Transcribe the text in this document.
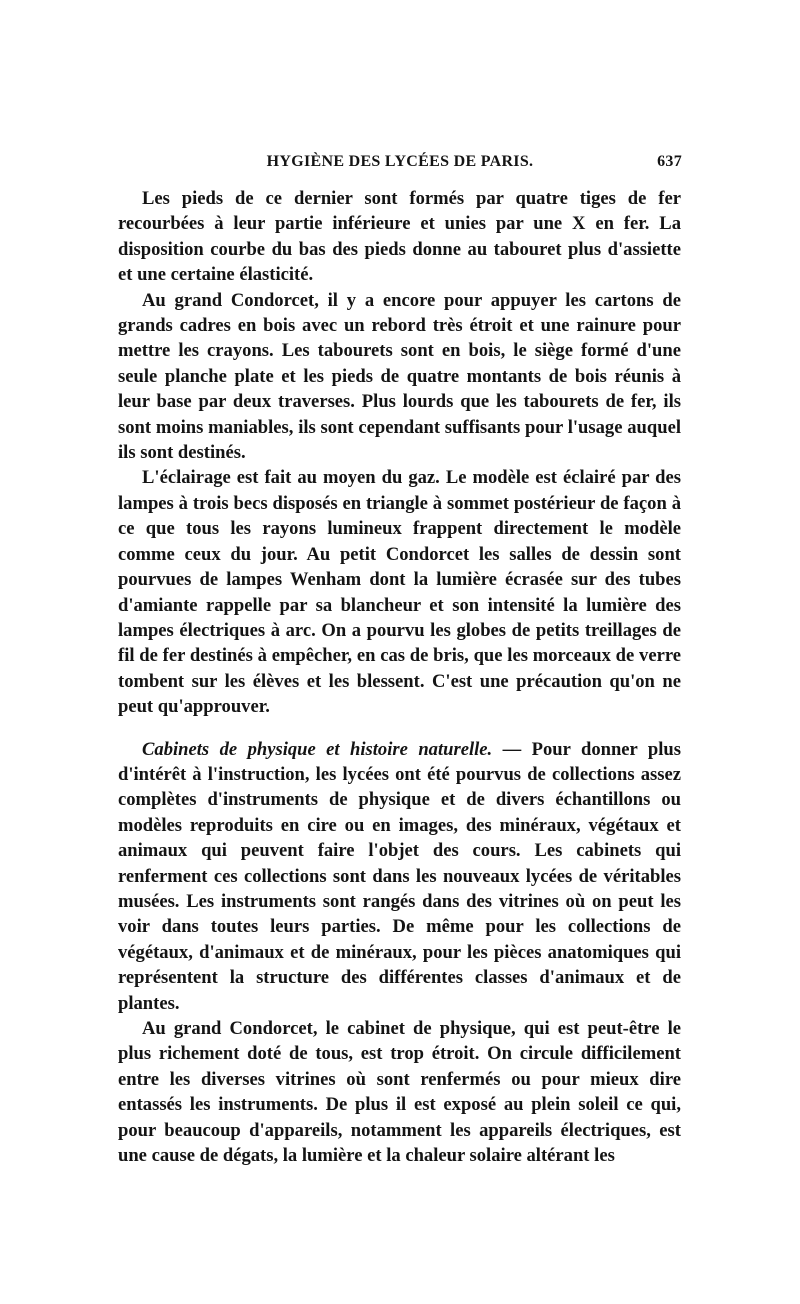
HYGIÈNE DES LYCÉES DE PARIS.	637

Les pieds de ce dernier sont formés par quatre tiges de fer recourbées à leur partie inférieure et unies par une X en fer. La disposition courbe du bas des pieds donne au tabouret plus d'assiette et une certaine élasticité.

Au grand Condorcet, il y a encore pour appuyer les cartons de grands cadres en bois avec un rebord très étroit et une rainure pour mettre les crayons. Les tabourets sont en bois, le siège formé d'une seule planche plate et les pieds de quatre montants de bois réunis à leur base par deux traverses. Plus lourds que les tabourets de fer, ils sont moins maniables, ils sont cependant suffisants pour l'usage auquel ils sont destinés.

L'éclairage est fait au moyen du gaz. Le modèle est éclairé par des lampes à trois becs disposés en triangle à sommet postérieur de façon à ce que tous les rayons lumineux frappent directement le modèle comme ceux du jour. Au petit Condorcet les salles de dessin sont pourvues de lampes Wenham dont la lumière écrasée sur des tubes d'amiante rappelle par sa blancheur et son intensité la lumière des lampes électriques à arc. On a pourvu les globes de petits treillages de fil de fer destinés à empêcher, en cas de bris, que les morceaux de verre tombent sur les élèves et les blessent. C'est une précaution qu'on ne peut qu'approuver.

Cabinets de physique et histoire naturelle. — Pour donner plus d'intérêt à l'instruction, les lycées ont été pourvus de collections assez complètes d'instruments de physique et de divers échantillons ou modèles reproduits en cire ou en images, des minéraux, végétaux et animaux qui peuvent faire l'objet des cours. Les cabinets qui renferment ces collections sont dans les nouveaux lycées de véritables musées. Les instruments sont rangés dans des vitrines où on peut les voir dans toutes leurs parties. De même pour les collections de végétaux, d'animaux et de minéraux, pour les pièces anatomiques qui représentent la structure des différentes classes d'animaux et de plantes.

Au grand Condorcet, le cabinet de physique, qui est peut-être le plus richement doté de tous, est trop étroit. On circule difficilement entre les diverses vitrines où sont renfermés ou pour mieux dire entassés les instruments. De plus il est exposé au plein soleil ce qui, pour beaucoup d'appareils, notamment les appareils électriques, est une cause de dégats, la lumière et la chaleur solaire altérant les
